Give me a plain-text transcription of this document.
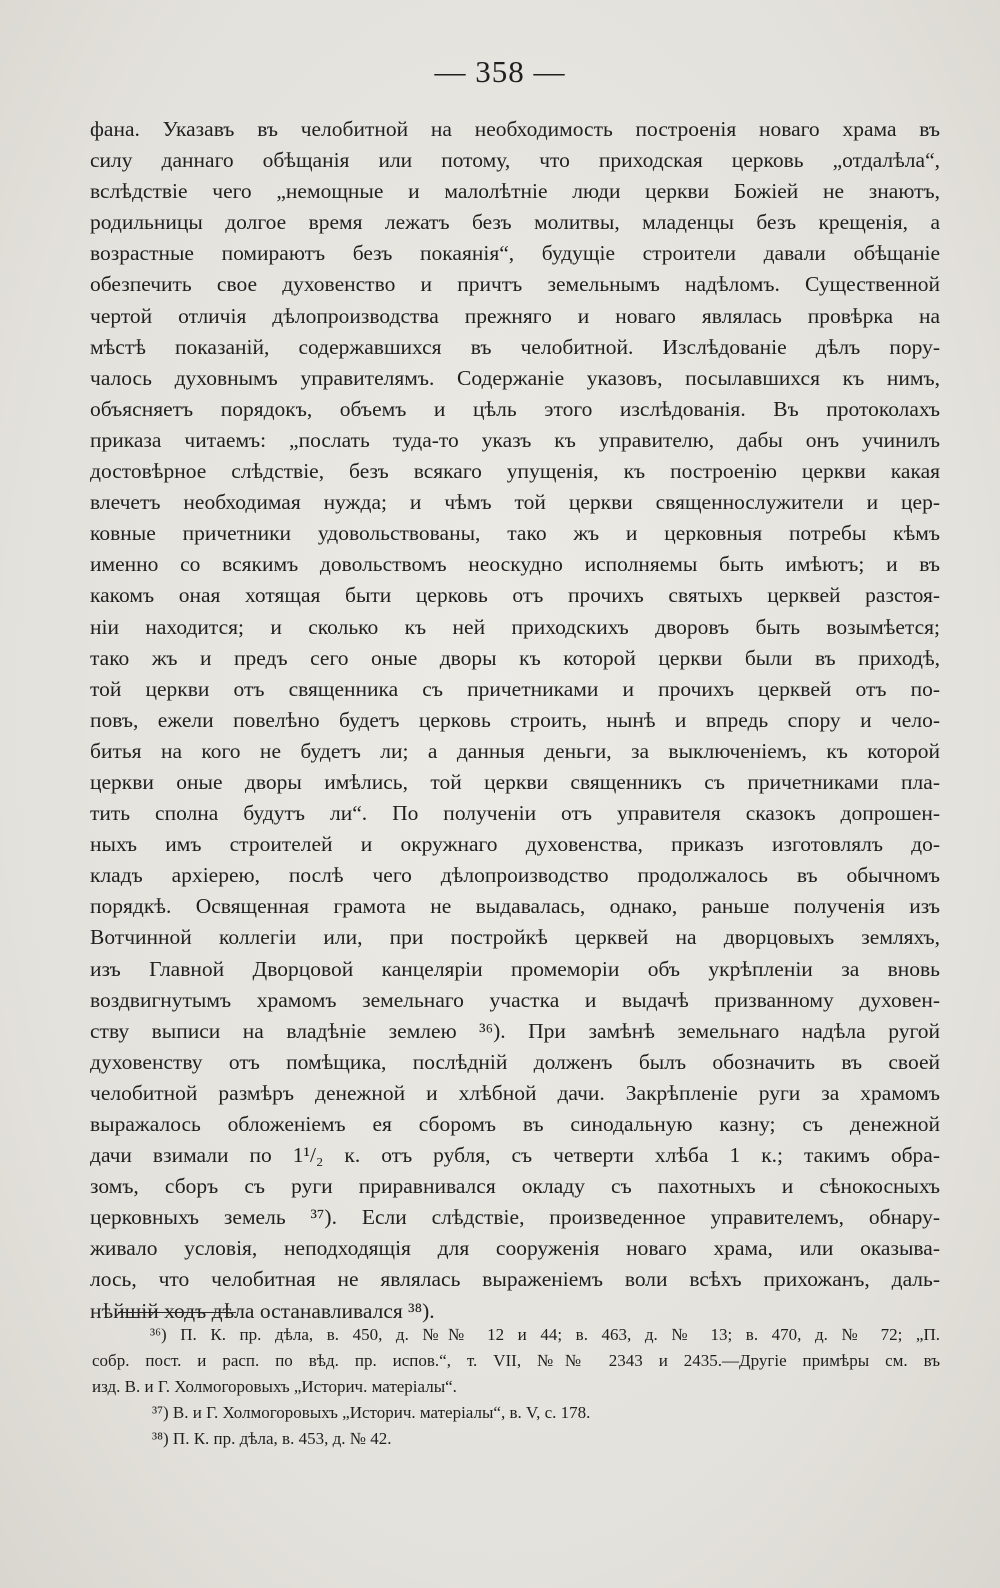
— 358 —
фана. Указавъ въ челобитной на необходимость построенія новаго храма въ
силу даннаго обѣщанія или потому, что приходская церковь „отдалѣла“,
вслѣдствіе чего „немощные и малолѣтніе люди церкви Божіей не знаютъ,
родильницы долгое время лежатъ безъ молитвы, младенцы безъ крещенія, а
возрастные помираютъ безъ покаянія“, будущіе строители давали обѣщаніе
обезпечить свое духовенство и причтъ земельнымъ надѣломъ. Существенной
чертой отличія дѣлопроизводства прежняго и новаго являлась провѣрка на
мѣстѣ показаній, содержавшихся въ челобитной. Изслѣдованіе дѣлъ пору-
чалось духовнымъ управителямъ. Содержаніе указовъ, посылавшихся къ нимъ,
объясняетъ порядокъ, объемъ и цѣль этого изслѣдованія. Въ протоколахъ
приказа читаемъ: „послать туда-то указъ къ управителю, дабы онъ учинилъ
достовѣрное слѣдствіе, безъ всякаго упущенія, къ построенію церкви какая
влечетъ необходимая нужда; и чѣмъ той церкви священнослужители и цер-
ковные причетники удовольствованы, тако жъ и церковныя потребы кѣмъ
именно со всякимъ довольствомъ неоскудно исполняемы быть имѣютъ; и въ
какомъ оная хотящая быти церковь отъ прочихъ святыхъ церквей разстоя-
ніи находится; и сколько къ ней приходскихъ дворовъ быть возымѣется;
тако жъ и предъ сего оные дворы къ которой церкви были въ приходѣ,
той церкви отъ священника съ причетниками и прочихъ церквей отъ по-
повъ, ежели повелѣно будетъ церковь строить, нынѣ и впредь спору и чело-
битья на кого не будетъ ли; а данныя деньги, за выключеніемъ, къ которой
церкви оные дворы имѣлись, той церкви священникъ съ причетниками пла-
тить сполна будутъ ли“. По полученіи отъ управителя сказокъ допрошен-
ныхъ имъ строителей и окружнаго духовенства, приказъ изготовлялъ до-
кладъ архіерею, послѣ чего дѣлопроизводство продолжалось въ обычномъ
порядкѣ. Освященная грамота не выдавалась, однако, раньше полученія изъ
Вотчинной коллегіи или, при постройкѣ церквей на дворцовыхъ земляхъ,
изъ Главной Дворцовой канцеляріи промеморіи объ укрѣпленіи за вновь
воздвигнутымъ храмомъ земельнаго участка и выдачѣ призванному духовен-
ству выписи на владѣніе землею ³⁶). При замѣнѣ земельнаго надѣла ругой
духовенству отъ помѣщика, послѣдній долженъ былъ обозначить въ своей
челобитной размѣръ денежной и хлѣбной дачи. Закрѣпленіе руги за храмомъ
выражалось обложеніемъ ея сборомъ въ синодальную казну; съ денежной
дачи взимали по 1¹/₂ к. отъ рубля, съ четверти хлѣба 1 к.; такимъ обра-
зомъ, сборъ съ руги приравнивался окладу съ пахотныхъ и сѣнокосныхъ
церковныхъ земель ³⁷). Если слѣдствіе, произведенное управителемъ, обнару-
живало условія, неподходящія для сооруженія новаго храма, или оказыва-
лось, что челобитная не являлась выраженіемъ воли всѣхъ прихожанъ, даль-
нѣйшій ходъ дѣла останавливался ³⁸).
³⁶) П. К. пр. дѣла, в. 450, д. №№ 12 и 44; в. 463, д. № 13; в. 470, д. № 72; „П.
собр. пост. и расп. по вѣд. пр. испов.“, т. VII, №№ 2343 и 2435.—Другіе примѣры см. въ
изд. В. и Г. Холмогоровыхъ „Историч. матеріалы“.
³⁷) В. и Г. Холмогоровыхъ „Историч. матеріалы“, в. V, с. 178.
³⁸) П. К. пр. дѣла, в. 453, д. № 42.
